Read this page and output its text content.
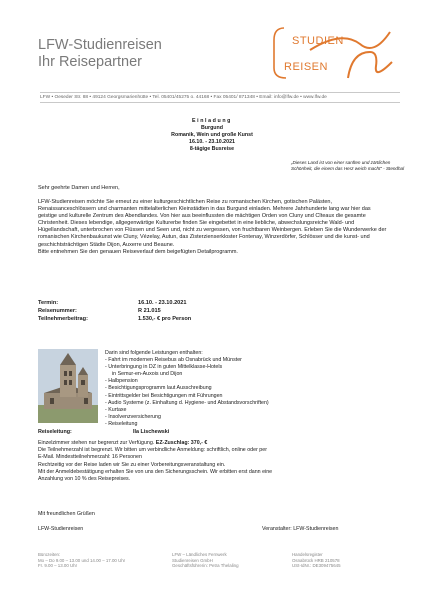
LFW-Studienreisen
Ihr Reisepartner
STUDIEN
REISEN
lfw
LFW • Oeseder Str. 88 • 49124 Georgsmarienhütte • Tel. 05401/45275 o. 44168 • Fax 05401/ 871348 • Email: info@lfw.de • www.lfw.de
Einladung
Burgund
Romanik, Wein und große Kunst
16.10. - 23.10.2021
8-tägige Busreise
„Dieses Land ist von einer sanften und zärtlichen Schönheit, die einem das Herz weich macht“ - Stendhal
Sehr geehrte Damen und Herren,

LFW-Studienreisen möchte Sie erneut zu einer kulturgeschichtlichen Reise zu romanischen Kirchen, gotischen Palästen, Renaissanceschlössern und charmanten mittelalterlichen Kleinstädten in das Burgund einladen. Mehrere Jahrhunderte lang war hier das geistige und kulturelle Zentrum des Abendlandes. Von hier aus beeinflussten die mächtigen Orden von Cluny und Cîteaux die gesamte Christenheit. Dieses lebendige, allgegenwärtige Kulturerbe finden Sie eingebettet in eine liebliche, abwechslungsreiche Wald- und Hügellandschaft, unterbrochen von Flüssen und Seen und, nicht zu vergessen, von fruchtbaren Weinbergen. Erleben Sie die Wunderwerke der romanischen Kirchenbaukunst wie Cluny, Vézelay, Autun, das Zisterzienserkloster Fontenay, Winzerdörfer, Schlösser und die kunst- und geschichtsträchtigen Städte Dijon, Auxerre und Beaune.

Bitte entnehmen Sie den genauen Reiseverlauf dem beigefügten Detailprogramm.

Termin:	16.10. - 23.10.2021
Reisenummer:	R 21.015
Teilnehmerbeitrag:	1.530,- € pro Person
Darin sind folgende Leistungen enthalten:
- Fahrt im modernen Reisebus ab Osnabrück und Münster
- Unterbringung in DZ in guten Mittelklasse-Hotels
in Semur-en-Auxois und Dijon
- Halbpension
- Besichtigungsprogramm laut Ausschreibung
- Eintrittsgelder bei Besichtigungen mit Führungen
- Audio Systeme (z. Einhaltung d. Hygiene- und Abstandsvorschriften)
- Kurtaxe
- Insolvenzversicherung
- Reiseleitung
Reiseleitung:	Ila Lischewski

Einzelzimmer stehen nur begrenzt zur Verfügung. EZ-Zuschlag: 370,- €

Die Teilnehmerzahl ist begrenzt. Wir bitten um verbindliche Anmeldung: schriftlich, online oder per

E-Mail. Mindestteilnehmerzahl: 16 Personen

Rechtzeitig vor der Reise laden wir Sie zu einer Vorbereitungsveranstaltung ein.

Mit der Anmeldebestätigung erhalten Sie von uns den Sicherungsschein. Wir erbitten erst dann eine

Anzahlung von 10 % des Reisepreises.

Mit freundlichen Grüßen
LFW-Studienreisen	Veranstalter: LFW-Studienreisen
Bürozeiten:
Mo – Do 9.00 – 13.00 und 14.00 – 17.00 Uhr
Fr. 9.00 – 13.00 Uhr
LFW – Ländliches Fernwerk
Studienreisen GmbH
Geschäftsführerin: Petra Thelaling
Handelsregister
Osnabrück HRB 210578
USt-IdNr.: DE309475645
